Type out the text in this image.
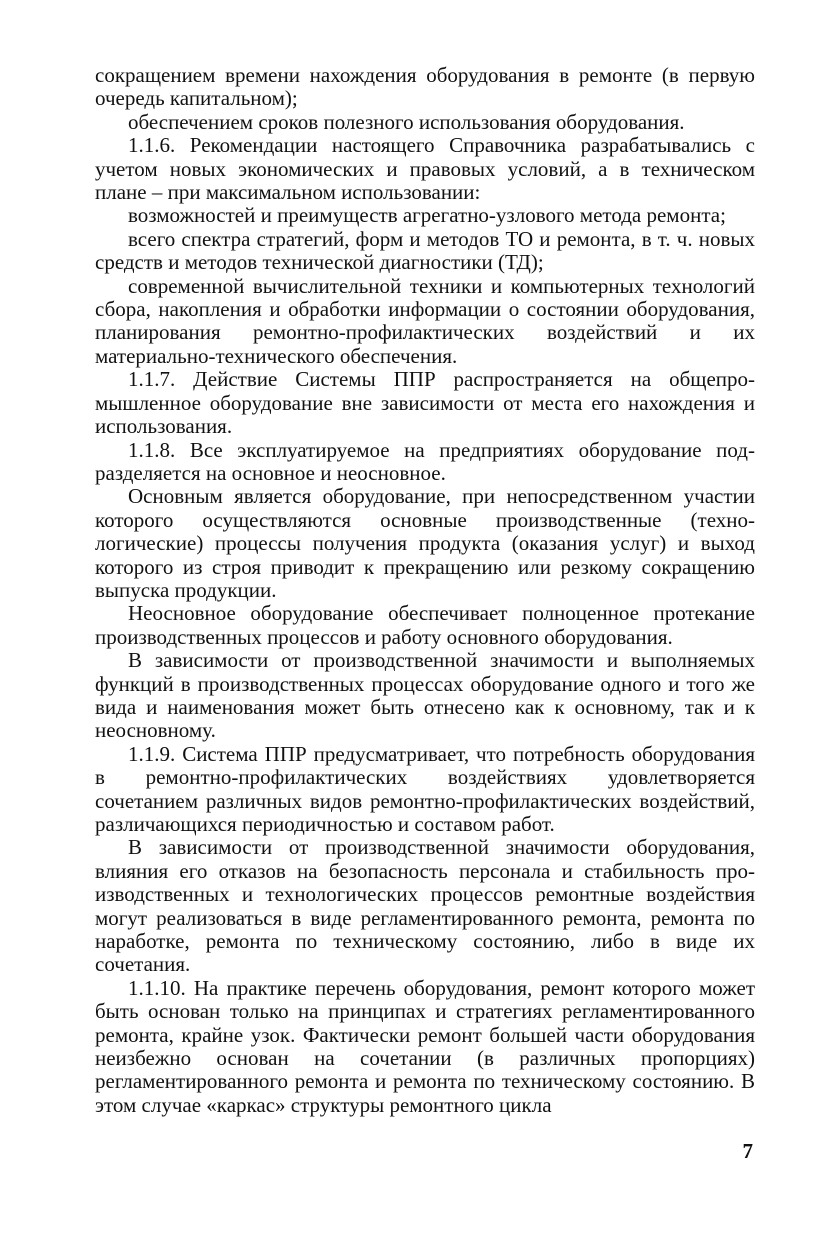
сокращением времени нахождения оборудования в ремонте (в первую очередь капитальном);

обеспечением сроков полезного использования оборудования.

1.1.6. Рекомендации настоящего Справочника разрабатывались с учетом новых экономических и правовых условий, а в техническом плане – при максимальном использовании:

возможностей и преимуществ агрегатно-узлового метода ремонта;

всего спектра стратегий, форм и методов ТО и ремонта, в т. ч. новых средств и методов технической диагностики (ТД);

современной вычислительной техники и компьютерных технологий сбора, накопления и обработки информации о состоянии оборудования, планирования ремонтно-профилактических воздействий и их материально-технического обеспечения.

1.1.7. Действие Системы ППР распространяется на общепромышленное оборудование вне зависимости от места его нахождения и использования.

1.1.8. Все эксплуатируемое на предприятиях оборудование подразделяется на основное и неосновное.

Основным является оборудование, при непосредственном участии которого осуществляются основные производственные (технологические) процессы получения продукта (оказания услуг) и выход которого из строя приводит к прекращению или резкому сокращению выпуска продукции.

Неосновное оборудование обеспечивает полноценное протекание производственных процессов и работу основного оборудования.

В зависимости от производственной значимости и выполняемых функций в производственных процессах оборудование одного и того же вида и наименования может быть отнесено как к основному, так и к неосновному.

1.1.9. Система ППР предусматривает, что потребность оборудования в ремонтно-профилактических воздействиях удовлетворяется сочетанием различных видов ремонтно-профилактических воздействий, различающихся периодичностью и составом работ.

В зависимости от производственной значимости оборудования, влияния его отказов на безопасность персонала и стабильность производственных и технологических процессов ремонтные воздействия могут реализоваться в виде регламентированного ремонта, ремонта по наработке, ремонта по техническому состоянию, либо в виде их сочетания.

1.1.10. На практике перечень оборудования, ремонт которого может быть основан только на принципах и стратегиях регламентированного ремонта, крайне узок. Фактически ремонт большей части оборудования неизбежно основан на сочетании (в различных пропорциях) регламентированного ремонта и ремонта по техническому состоянию. В этом случае «каркас» структуры ремонтного цикла

7
